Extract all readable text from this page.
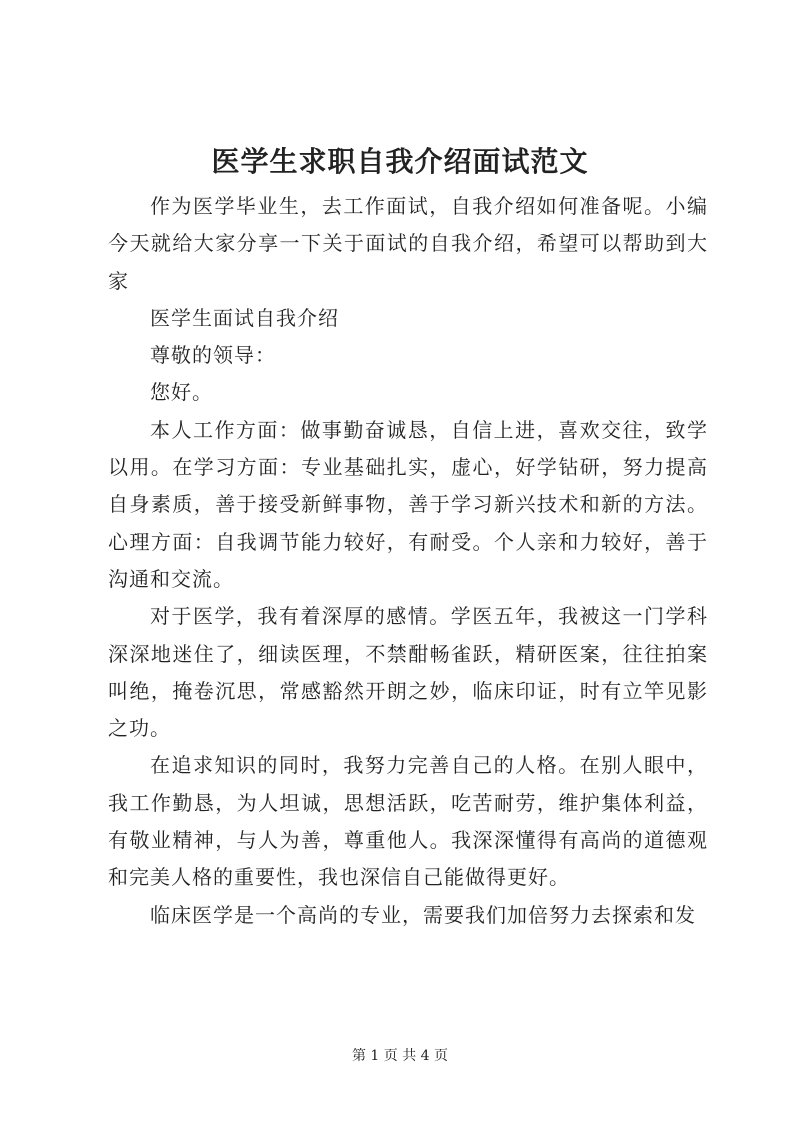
医学生求职自我介绍面试范文

作为医学毕业生，去工作面试，自我介绍如何准备呢。小编今天就给大家分享一下关于面试的自我介绍，希望可以帮助到大家

医学生面试自我介绍

尊敬的领导：

您好。

本人工作方面：做事勤奋诚恳，自信上进，喜欢交往，致学以用。在学习方面：专业基础扎实，虚心，好学钻研，努力提高自身素质，善于接受新鲜事物，善于学习新兴技术和新的方法。心理方面：自我调节能力较好，有耐受。个人亲和力较好，善于沟通和交流。

对于医学，我有着深厚的感情。学医五年，我被这一门学科深深地迷住了，细读医理，不禁酣畅雀跃，精研医案，往往拍案叫绝，掩卷沉思，常感豁然开朗之妙，临床印证，时有立竿见影之功。

在追求知识的同时，我努力完善自己的人格。在别人眼中，我工作勤恳，为人坦诚，思想活跃，吃苦耐劳，维护集体利益，有敬业精神，与人为善，尊重他人。我深深懂得有高尚的道德观和完美人格的重要性，我也深信自己能做得更好。

临床医学是一个高尚的专业，需要我们加倍努力去探索和发

第 1 页 共 4 页
